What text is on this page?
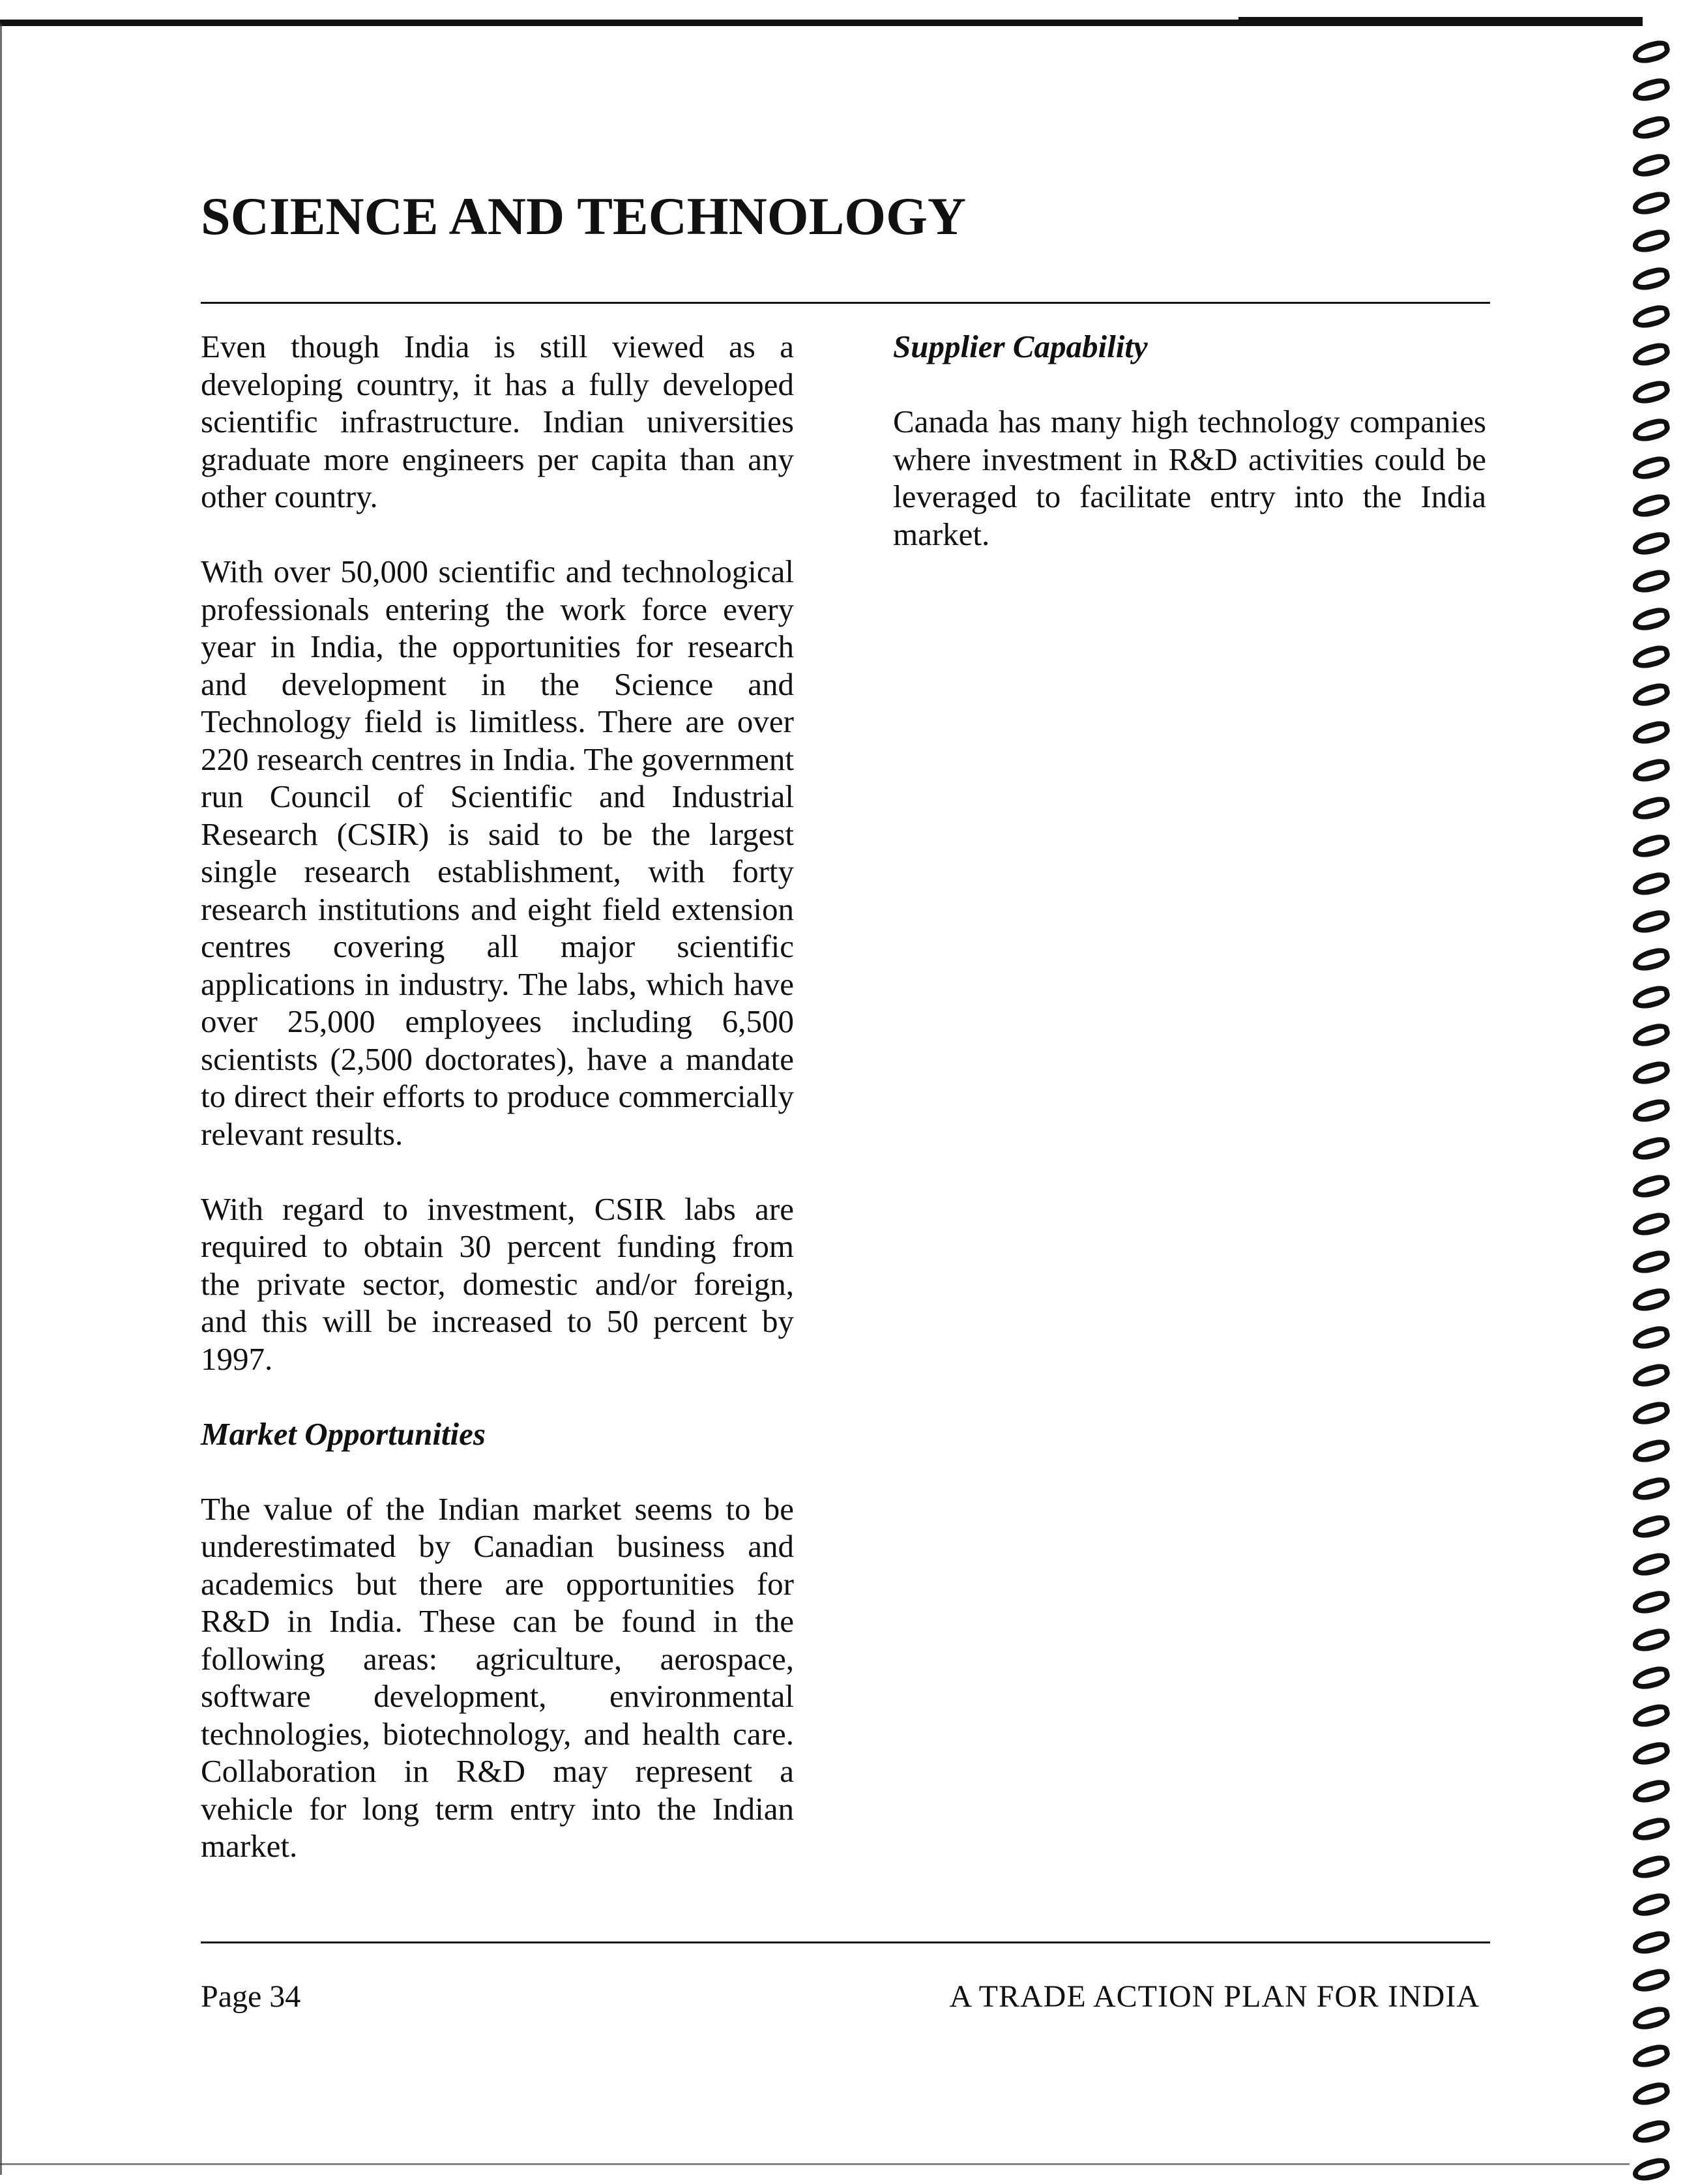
SCIENCE AND TECHNOLOGY

Even though India is still viewed as a developing country, it has a fully developed scientific infrastructure. Indian universities graduate more engineers per capita than any other country.

With over 50,000 scientific and technological professionals entering the work force every year in India, the opportunities for research and development in the Science and Technology field is limitless. There are over 220 research centres in India. The government run Council of Scientific and Industrial Research (CSIR) is said to be the largest single research establishment, with forty research institutions and eight field extension centres covering all major scientific applications in industry. The labs, which have over 25,000 employees including 6,500 scientists (2,500 doctorates), have a mandate to direct their efforts to produce commercially relevant results.

With regard to investment, CSIR labs are required to obtain 30 percent funding from the private sector, domestic and/or foreign, and this will be increased to 50 percent by 1997.

Market Opportunities

The value of the Indian market seems to be underestimated by Canadian business and academics but there are opportunities for R&D in India. These can be found in the following areas: agriculture, aerospace, software development, environmental technologies, biotechnology, and health care. Collaboration in R&D may represent a vehicle for long term entry into the Indian market.

Supplier Capability

Canada has many high technology companies where investment in R&D activities could be leveraged to facilitate entry into the India market.

Page 34	A TRADE ACTION PLAN FOR INDIA
